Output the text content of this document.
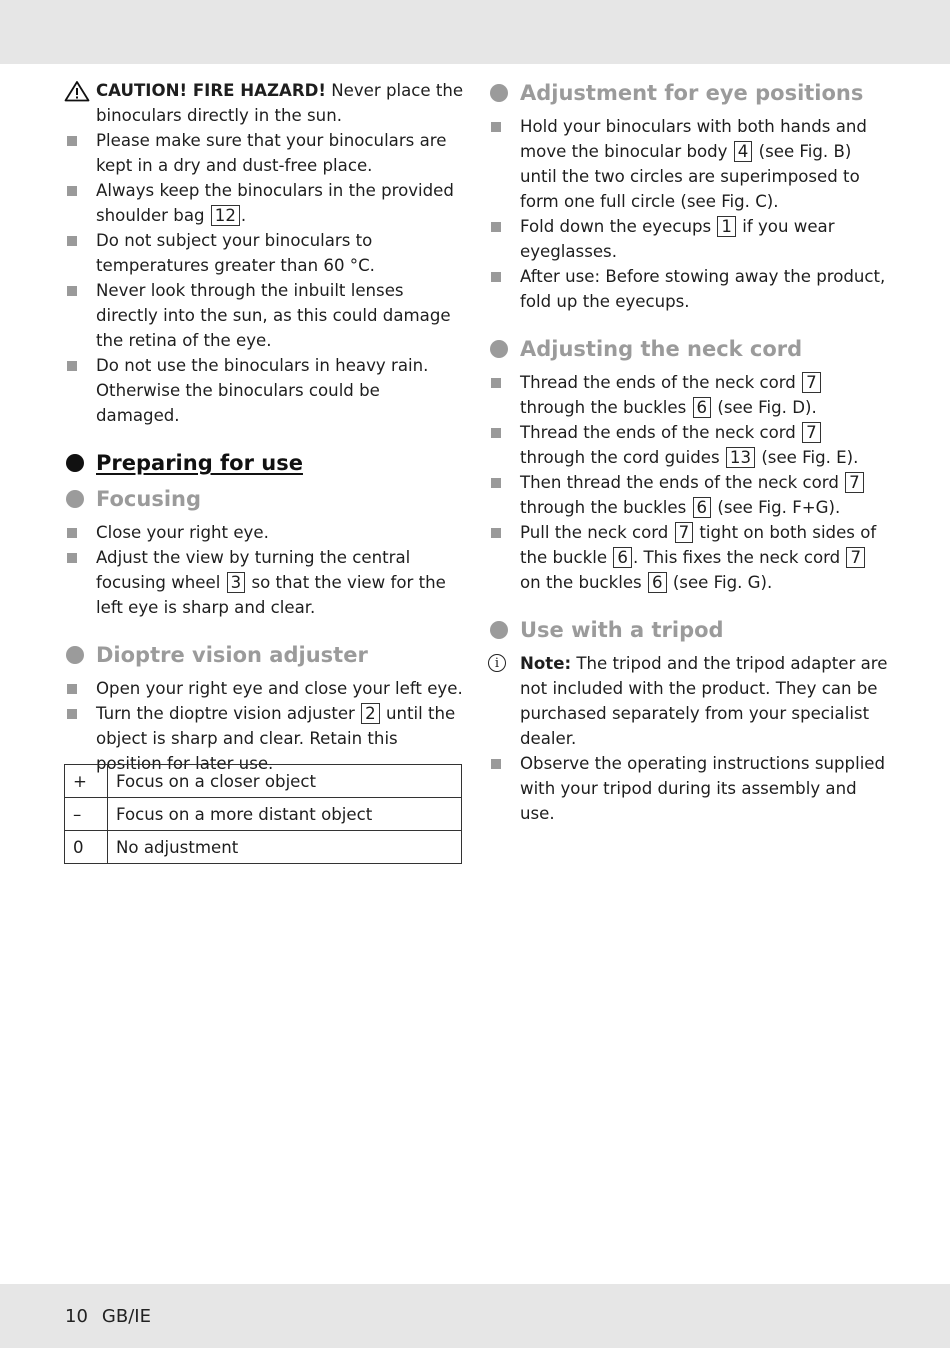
CAUTION! FIRE HAZARD! Never place the binoculars directly in the sun.
Please make sure that your binoculars are kept in a dry and dust-free place.
Always keep the binoculars in the provided shoulder bag 12 .
Do not subject your binoculars to temperatures greater than 60 °C.
Never look through the inbuilt lenses directly into the sun, as this could damage the retina of the eye.
Do not use the binoculars in heavy rain. Otherwise the binoculars could be damaged.
Preparing for use
Focusing
Close your right eye.
Adjust the view by turning the central focusing wheel 3 so that the view for the left eye is sharp and clear.
Dioptre vision adjuster
Open your right eye and close your left eye.
Turn the dioptre vision adjuster 2 until the object is sharp and clear. Retain this position for later use.
+	Focus on a closer object
–	Focus on a more distant object
0	No adjustment
Adjustment for eye positions
Hold your binoculars with both hands and move the binocular body 4 (see Fig. B) until the two circles are superimposed to form one full circle (see Fig. C).
Fold down the eyecups 1 if you wear eyeglasses.
After use: Before stowing away the product, fold up the eyecups.
Adjusting the neck cord
Thread the ends of the neck cord 7 through the buckles 6 (see Fig. D).
Thread the ends of the neck cord 7 through the cord guides 13 (see Fig. E).
Then thread the ends of the neck cord 7 through the buckles 6 (see Fig. F+G).
Pull the neck cord 7 tight on both sides of the buckle 6 . This fixes the neck cord 7 on the buckles 6 (see Fig. G).
Use with a tripod
i	Note: The tripod and the tripod adapter are not included with the product. They can be purchased separately from your specialist dealer.
Observe the operating instructions supplied with your tripod during its assembly and use.
10 GB/IE
